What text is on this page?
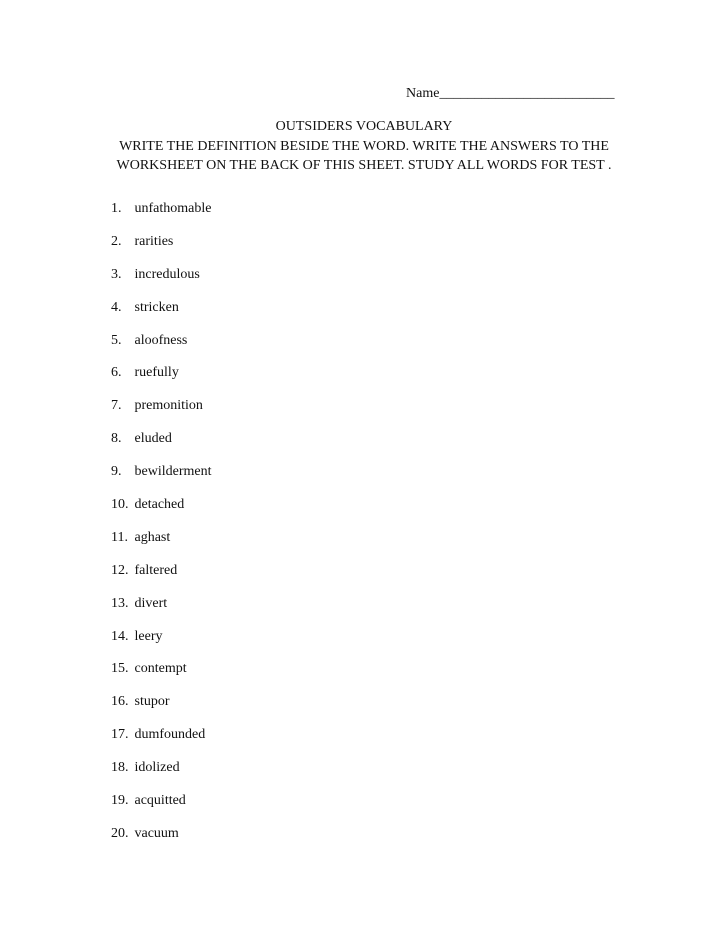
Name_________________________
OUTSIDERS VOCABULARY
WRITE THE DEFINITION BESIDE THE WORD. WRITE THE ANSWERS TO THE
WORKSHEET ON THE BACK OF THIS SHEET. STUDY ALL WORDS FOR TEST .
1. unfathomable
2. rarities
3. incredulous
4. stricken
5. aloofness
6. ruefully
7. premonition
8. eluded
9. bewilderment
10. detached
11. aghast
12. faltered
13. divert
14. leery
15. contempt
16. stupor
17. dumfounded
18. idolized
19. acquitted
20. vacuum
